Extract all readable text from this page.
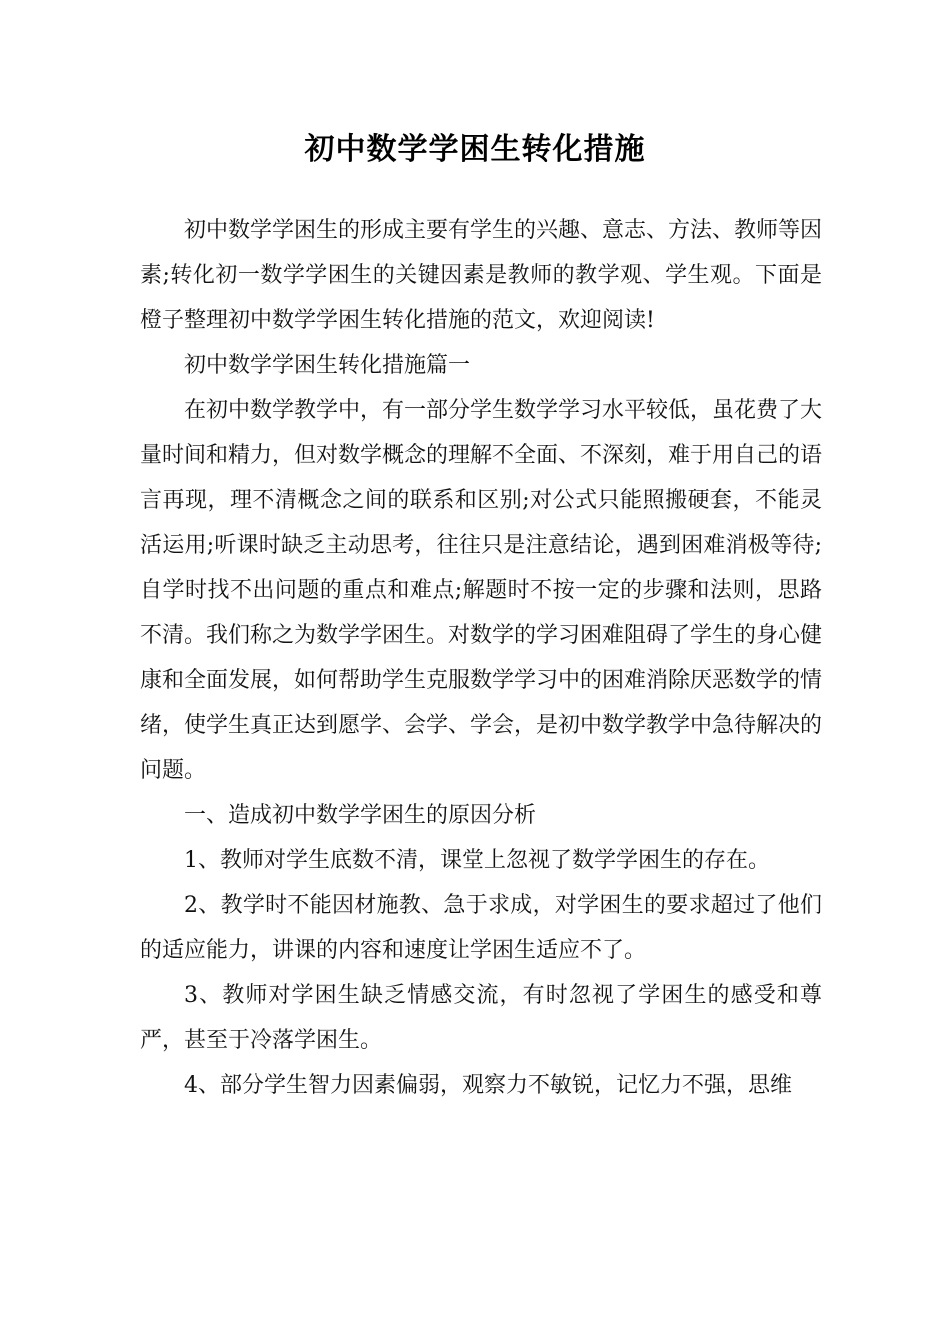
初中数学学困生转化措施

初中数学学困生的形成主要有学生的兴趣、意志、方法、教师等因素;转化初一数学学困生的关键因素是教师的教学观、学生观。下面是橙子整理初中数学学困生转化措施的范文，欢迎阅读!

初中数学学困生转化措施篇一

在初中数学教学中，有一部分学生数学学习水平较低，虽花费了大量时间和精力，但对数学概念的理解不全面、不深刻，难于用自己的语言再现，理不清概念之间的联系和区别;对公式只能照搬硬套，不能灵活运用;听课时缺乏主动思考，往往只是注意结论，遇到困难消极等待;自学时找不出问题的重点和难点;解题时不按一定的步骤和法则，思路不清。我们称之为数学学困生。对数学的学习困难阻碍了学生的身心健康和全面发展，如何帮助学生克服数学学习中的困难消除厌恶数学的情绪，使学生真正达到愿学、会学、学会，是初中数学教学中急待解决的问题。

一、造成初中数学学困生的原因分析

1、教师对学生底数不清，课堂上忽视了数学学困生的存在。

2、教学时不能因材施教、急于求成，对学困生的要求超过了他们的适应能力，讲课的内容和速度让学困生适应不了。

3、教师对学困生缺乏情感交流，有时忽视了学困生的感受和尊严，甚至于冷落学困生。

4、部分学生智力因素偏弱，观察力不敏锐，记忆力不强，思维
